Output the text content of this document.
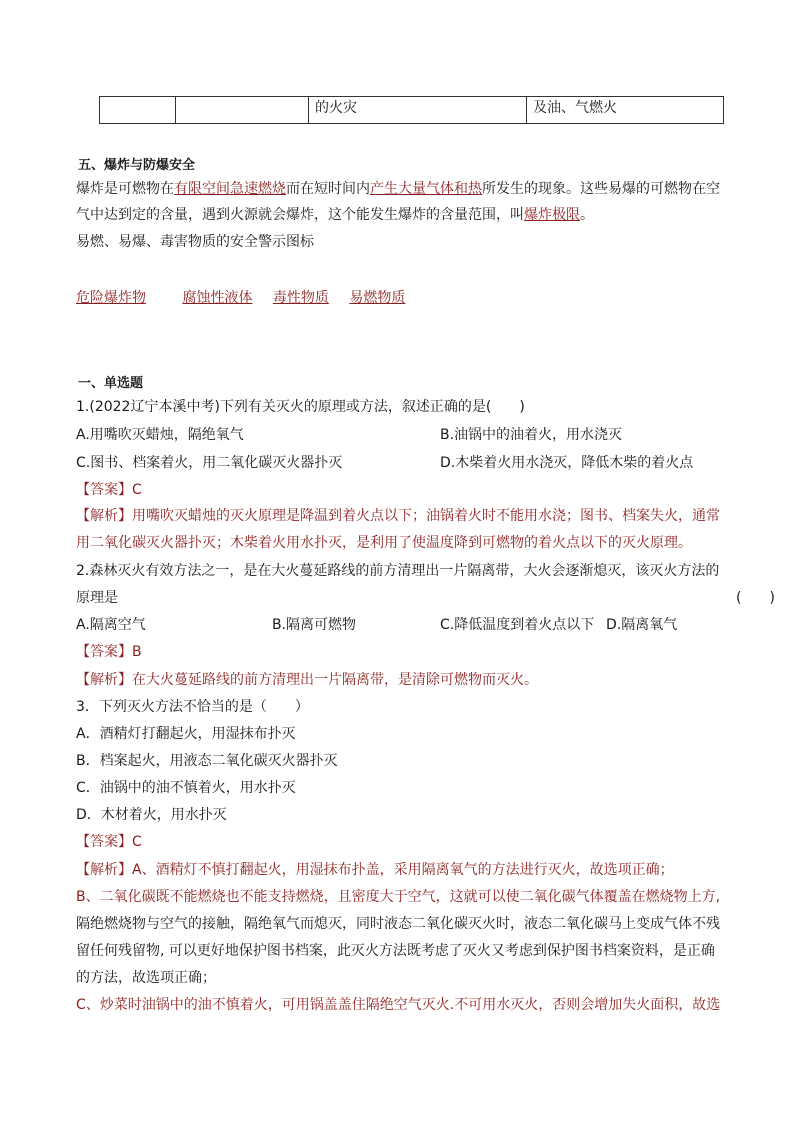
		的火灾	及油、气燃火
五、爆炸与防爆安全
爆炸是可燃物在有限空间急速燃烧而在短时间内产生大量气体和热所发生的现象。这些易爆的可燃物在空
气中达到定的含量，遇到火源就会爆炸，这个能发生爆炸的含量范围，叫爆炸极限。
易燃、易爆、毒害物质的安全警示图标
危险爆炸物	腐蚀性液体 毒性物质 易燃物质
一、单选题
1.(2022辽宁本溪中考)下列有关灭火的原理或方法，叙述正确的是(　　)
A.用嘴吹灭蜡烛，隔绝氧气	B.油锅中的油着火，用水浇灭
C.图书、档案着火，用二氧化碳灭火器扑灭	D.木柴着火用水浇灭，降低木柴的着火点
【答案】C
【解析】用嘴吹灭蜡烛的灭火原理是降温到着火点以下；油锅着火时不能用水浇；图书、档案失火，通常
用二氧化碳灭火器扑灭；木柴着火用水扑灭，是利用了使温度降到可燃物的着火点以下的灭火原理。
2.森林灭火有效方法之一，是在大火蔓延路线的前方清理出一片隔离带，大火会逐渐熄灭，该灭火方法的
原理是	(　　)
A.隔离空气	B.隔离可燃物	C.降低温度到着火点以下 D.隔离氧气
【答案】B
【解析】在大火蔓延路线的前方清理出一片隔离带，是清除可燃物而灭火。
3．下列灭火方法不恰当的是（　　）
A．酒精灯打翻起火，用湿抹布扑灭
B．档案起火，用液态二氧化碳灭火器扑灭
C．油锅中的油不慎着火，用水扑灭
D．木材着火，用水扑灭
【答案】C
【解析】A、酒精灯不慎打翻起火，用湿抹布扑盖，采用隔离氧气的方法进行灭火，故选项正确；
B、二氧化碳既不能燃烧也不能支持燃烧，且密度大于空气，这就可以使二氧化碳气体覆盖在燃烧物上方,
隔绝燃烧物与空气的接触，隔绝氧气而熄灭，同时液态二氧化碳灭火时，液态二氧化碳马上变成气体不残
留任何残留物, 可以更好地保护图书档案，此灭火方法既考虑了灭火又考虑到保护图书档案资料，是正确
的方法，故选项正确；
C、炒菜时油锅中的油不慎着火，可用锅盖盖住隔绝空气灭火.不可用水灭火，否则会增加失火面积，故选
